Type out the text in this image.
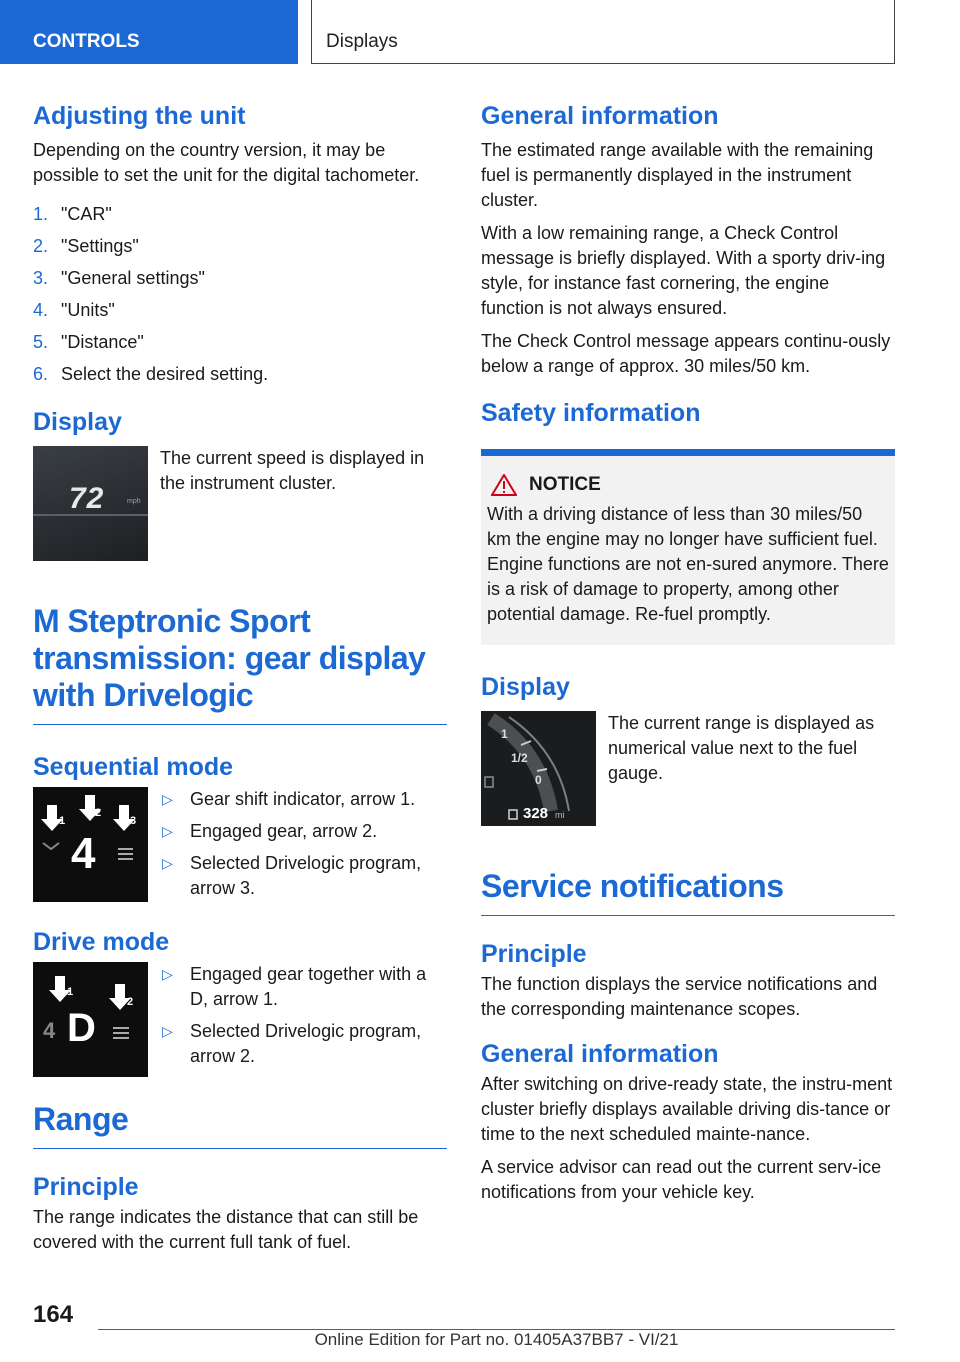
CONTROLS	Displays
Adjusting the unit

Depending on the country version, it may be possible to set the unit for the digital tachometer.

1. "CAR"
2. "Settings"
3. "General settings"
4. "Units"
5. "Distance"
6. Select the desired setting.
Display
72	mph

The current speed is displayed in the instrument cluster.

M Steptronic Sport transmission: gear display with Drivelogic
Sequential mode
1
2
3
4
▷ Gear shift indicator, arrow 1.
▷ Engaged gear, arrow 2.
▷ Selected Drivelogic program, arrow 3.
Drive mode
1
2
4 D
▷ Engaged gear together with a D, arrow 1.
▷ Selected Drivelogic program, arrow 2.
Range
Principle

The range indicates the distance that can still be covered with the current full tank of fuel.

General information

The estimated range available with the remaining fuel is permanently displayed in the instrument cluster.

With a low remaining range, a Check Control message is briefly displayed. With a sporty driv‐ing style, for instance fast cornering, the engine function is not always ensured.

The Check Control message appears continu‐ously below a range of approx. 30 miles/50 km.

Safety information
NOTICE

With a driving distance of less than 30 miles/50 km the engine may no longer have sufficient fuel. Engine functions are not en‐sured anymore. There is a risk of damage to property, among other potential damage. Re‐fuel promptly.

Display
1
1/2
0
328 mi

The current range is displayed as numerical value next to the fuel gauge.

Service notifications
Principle

The function displays the service notifications and the corresponding maintenance scopes.

General information

After switching on drive-ready state, the instru‐ment cluster briefly displays available driving dis‐tance or time to the next scheduled mainte‐nance.

A service advisor can read out the current serv‐ice notifications from your vehicle key.

164
Online Edition for Part no. 01405A37BB7 - VI/21
